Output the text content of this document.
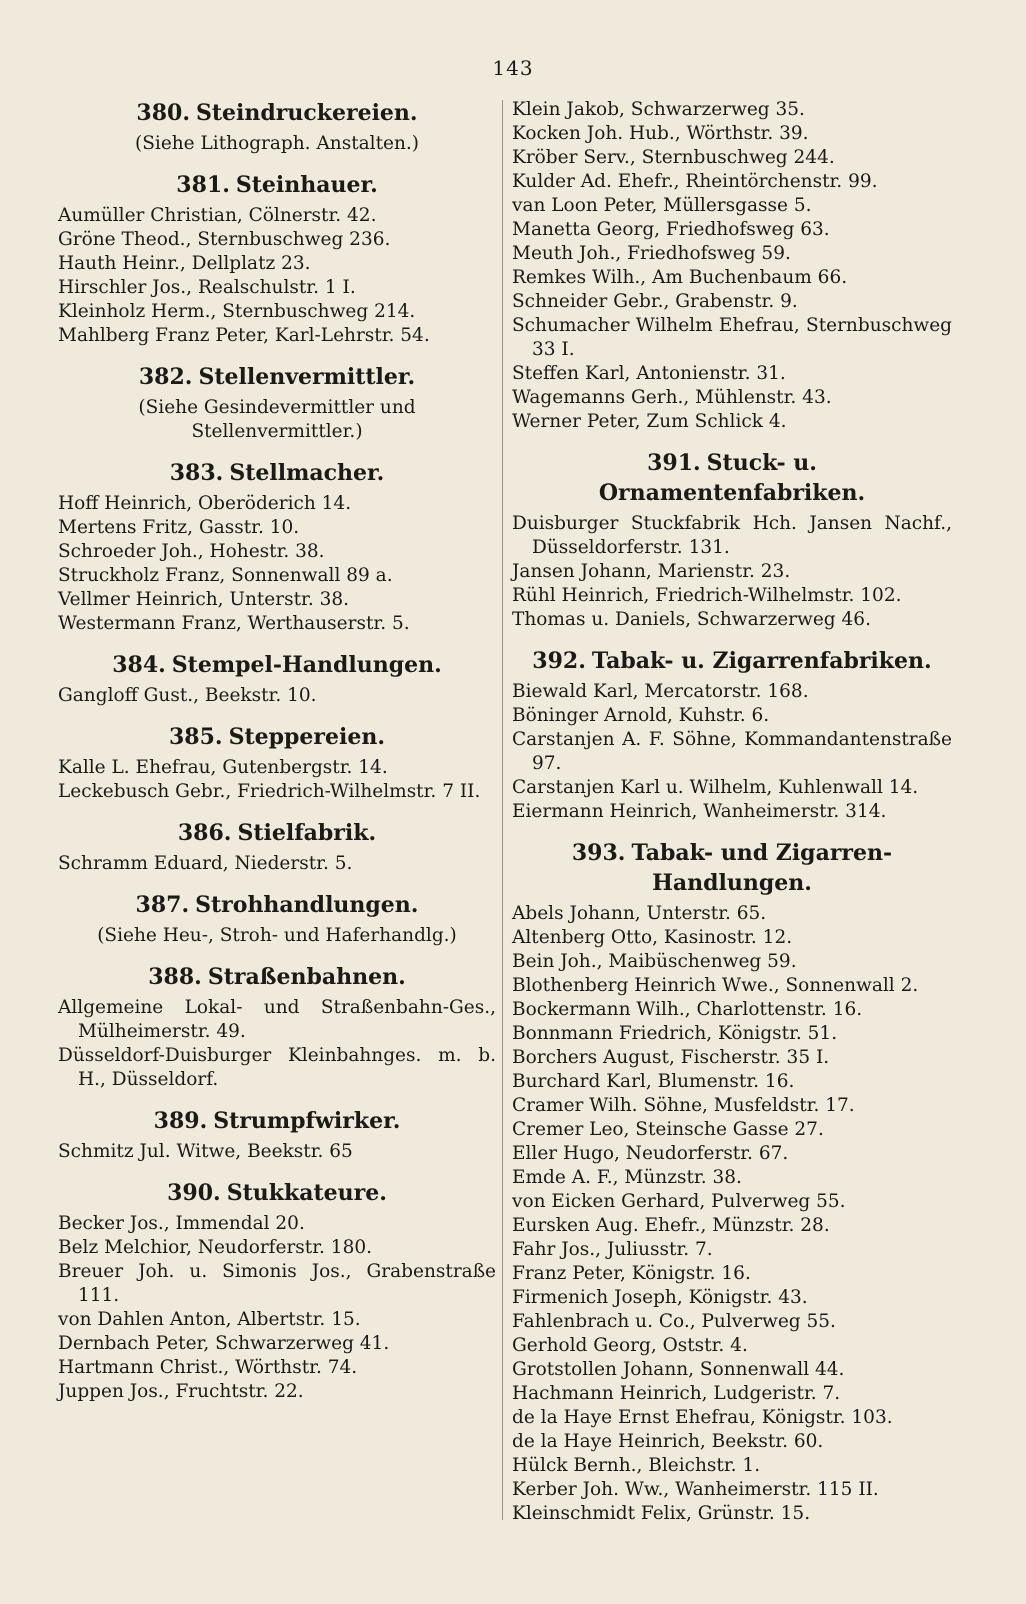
143
380. Steindruckereien.
(Siehe Lithograph. Anstalten.)
381. Steinhauer.
Aumüller Christian, Cölnerstr. 42.
Gröne Theod., Sternbuschweg 236.
Hauth Heinr., Dellplatz 23.
Hirschler Jos., Realschulstr. 1 I.
Kleinholz Herm., Sternbuschweg 214.
Mahlberg Franz Peter, Karl-Lehrstr. 54.
382. Stellenvermittler.
(Siehe Gesindevermittler und Stellenvermittler.)
383. Stellmacher.
Hoff Heinrich, Oberöderich 14.
Mertens Fritz, Gasstr. 10.
Schroeder Joh., Hohestr. 38.
Struckholz Franz, Sonnenwall 89 a.
Vellmer Heinrich, Unterstr. 38.
Westermann Franz, Werthauserstr. 5.
384. Stempel-Handlungen.
Gangloff Gust., Beekstr. 10.
385. Steppereien.
Kalle L. Ehefrau, Gutenbergstr. 14.
Leckebusch Gebr., Friedrich-Wilhelmstr. 7 II.
386. Stielfabrik.
Schramm Eduard, Niederstr. 5.
387. Strohhandlungen.
(Siehe Heu-, Stroh- und Haferhandlg.)
388. Straßenbahnen.
Allgemeine Lokal- und Straßenbahn-Ges., Mülheimerstr. 49.
Düsseldorf-Duisburger Kleinbahnges. m. b. H., Düsseldorf.
389. Strumpfwirker.
Schmitz Jul. Witwe, Beekstr. 65
390. Stukkateure.
Becker Jos., Immendal 20.
Belz Melchior, Neudorferstr. 180.
Breuer Joh. u. Simonis Jos., Grabenstraße 111.
von Dahlen Anton, Albertstr. 15.
Dernbach Peter, Schwarzerweg 41.
Hartmann Christ., Wörthstr. 74.
Juppen Jos., Fruchtstr. 22.
Klein Jakob, Schwarzerweg 35.
Kocken Joh. Hub., Wörthstr. 39.
Kröber Serv., Sternbuschweg 244.
Kulder Ad. Ehefr., Rheintörchenstr. 99.
van Loon Peter, Müllersgasse 5.
Manetta Georg, Friedhofsweg 63.
Meuth Joh., Friedhofsweg 59.
Remkes Wilh., Am Buchenbaum 66.
Schneider Gebr., Grabenstr. 9.
Schumacher Wilhelm Ehefrau, Sternbuschweg 33 I.
Steffen Karl, Antonienstr. 31.
Wagemanns Gerh., Mühlenstr. 43.
Werner Peter, Zum Schlick 4.
391. Stuck- u. Ornamentenfabriken.
Duisburger Stuckfabrik Hch. Jansen Nachf., Düsseldorferstr. 131.
Jansen Johann, Marienstr. 23.
Rühl Heinrich, Friedrich-Wilhelmstr. 102.
Thomas u. Daniels, Schwarzerweg 46.
392. Tabak- u. Zigarrenfabriken.
Biewald Karl, Mercatorstr. 168.
Böninger Arnold, Kuhstr. 6.
Carstanjen A. F. Söhne, Kommandantenstraße 97.
Carstanjen Karl u. Wilhelm, Kuhlenwall 14.
Eiermann Heinrich, Wanheimerstr. 314.
393. Tabak- und Zigarren-Handlungen.
Abels Johann, Unterstr. 65.
Altenberg Otto, Kasinostr. 12.
Bein Joh., Maibüschenweg 59.
Blothenberg Heinrich Wwe., Sonnenwall 2.
Bockermann Wilh., Charlottenstr. 16.
Bonnmann Friedrich, Königstr. 51.
Borchers August, Fischerstr. 35 I.
Burchard Karl, Blumenstr. 16.
Cramer Wilh. Söhne, Musfeldstr. 17.
Cremer Leo, Steinsche Gasse 27.
Eller Hugo, Neudorferstr. 67.
Emde A. F., Münzstr. 38.
von Eicken Gerhard, Pulverweg 55.
Eursken Aug. Ehefr., Münzstr. 28.
Fahr Jos., Juliusstr. 7.
Franz Peter, Königstr. 16.
Firmenich Joseph, Königstr. 43.
Fahlenbrach u. Co., Pulverweg 55.
Gerhold Georg, Oststr. 4.
Grotstollen Johann, Sonnenwall 44.
Hachmann Heinrich, Ludgeristr. 7.
de la Haye Ernst Ehefrau, Königstr. 103.
de la Haye Heinrich, Beekstr. 60.
Hülck Bernh., Bleichstr. 1.
Kerber Joh. Ww., Wanheimerstr. 115 II.
Kleinschmidt Felix, Grünstr. 15.
